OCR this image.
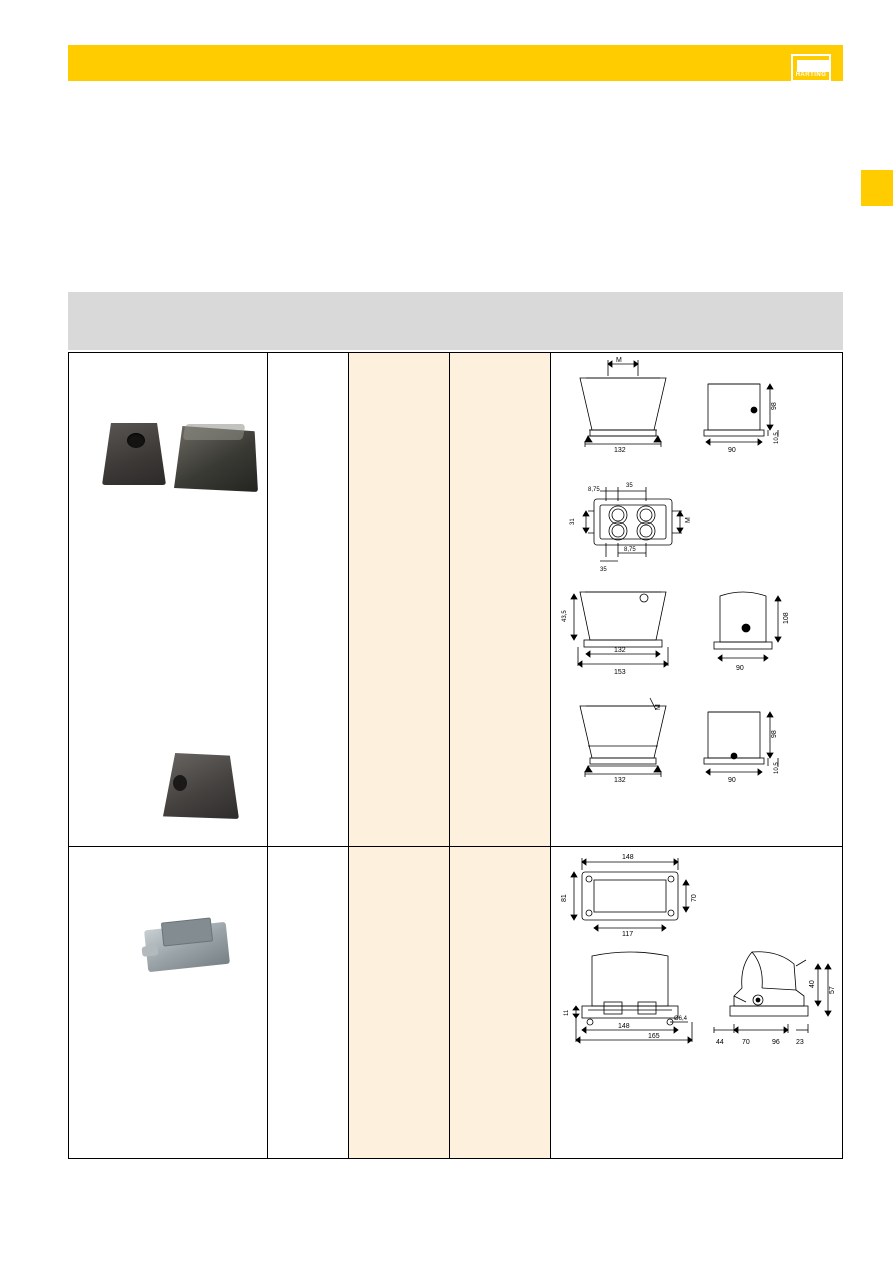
HARTING
M
132
98
90
10,5
8,75
35
M
31
8,75
35
43,5
132
153
108
90
M
132
98
90
10,5
148
81	70
117
11
Ø6,4
148
165
40
57
44	70	96 23
